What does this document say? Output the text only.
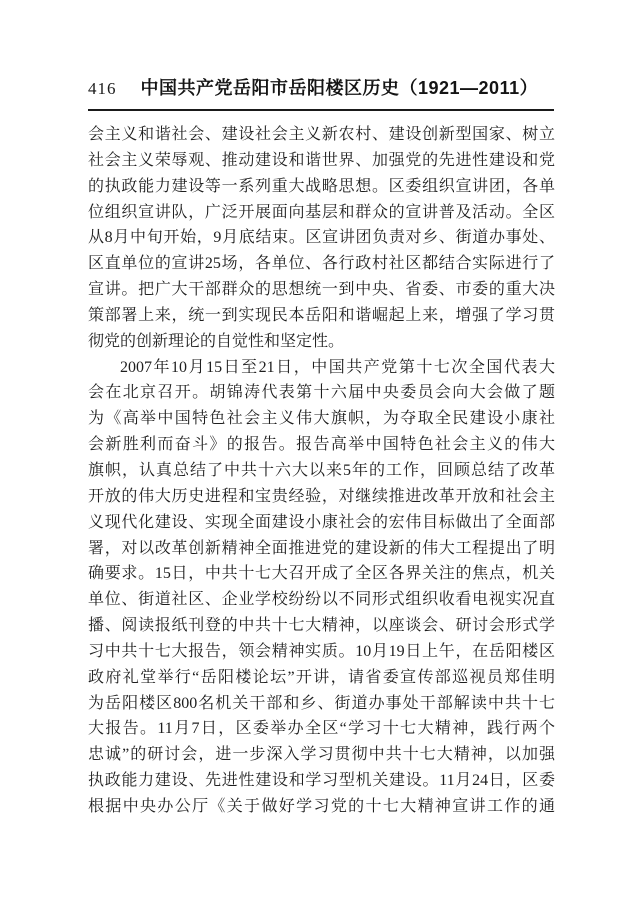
416 中国共产党岳阳市岳阳楼区历史（1921—2011）
会主义和谐社会、建设社会主义新农村、建设创新型国家、树立
社会主义荣辱观、推动建设和谐世界、加强党的先进性建设和党
的执政能力建设等一系列重大战略思想。区委组织宣讲团，各单
位组织宣讲队，广泛开展面向基层和群众的宣讲普及活动。全区
从8月中旬开始，9月底结束。区宣讲团负责对乡、街道办事处、
区直单位的宣讲25场，各单位、各行政村社区都结合实际进行了
宣讲。把广大干部群众的思想统一到中央、省委、市委的重大决
策部署上来，统一到实现民本岳阳和谐崛起上来，增强了学习贯
彻党的创新理论的自觉性和坚定性。
2007年10月15日至21日，中国共产党第十七次全国代表大
会在北京召开。胡锦涛代表第十六届中央委员会向大会做了题
为《高举中国特色社会主义伟大旗帜，为夺取全民建设小康社
会新胜利而奋斗》的报告。报告高举中国特色社会主义的伟大
旗帜，认真总结了中共十六大以来5年的工作，回顾总结了改革
开放的伟大历史进程和宝贵经验，对继续推进改革开放和社会主
义现代化建设、实现全面建设小康社会的宏伟目标做出了全面部
署，对以改革创新精神全面推进党的建设新的伟大工程提出了明
确要求。15日，中共十七大召开成了全区各界关注的焦点，机关
单位、街道社区、企业学校纷纷以不同形式组织收看电视实况直
播、阅读报纸刊登的中共十七大精神，以座谈会、研讨会形式学
习中共十七大报告，领会精神实质。10月19日上午，在岳阳楼区
政府礼堂举行“岳阳楼论坛”开讲，请省委宣传部巡视员郑佳明
为岳阳楼区800名机关干部和乡、街道办事处干部解读中共十七
大报告。11月7日，区委举办全区“学习十七大精神，践行两个
忠诚”的研讨会，进一步深入学习贯彻中共十七大精神，以加强
执政能力建设、先进性建设和学习型机关建设。11月24日，区委
根据中央办公厅《关于做好学习党的十七大精神宣讲工作的通
